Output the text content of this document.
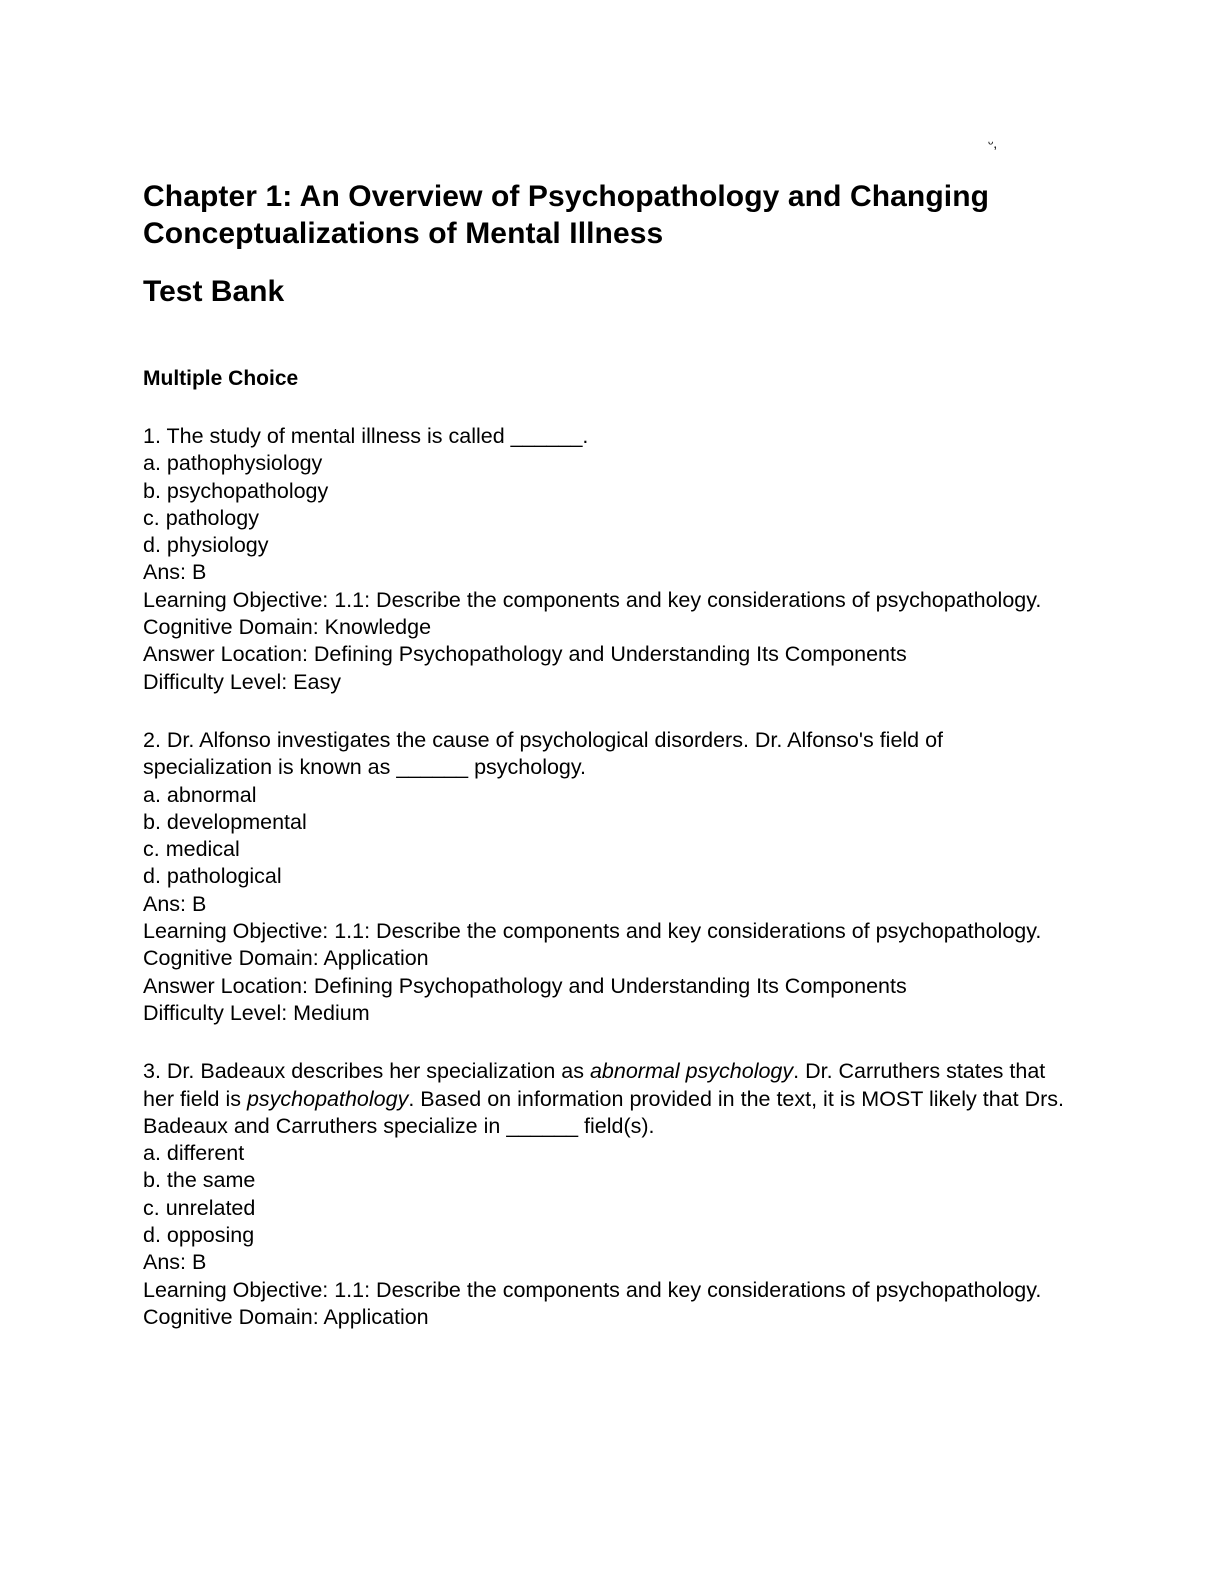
ᵕ,
Chapter 1: An Overview of Psychopathology and Changing Conceptualizations of Mental Illness
Test Bank
Multiple Choice
1. The study of mental illness is called ______.
a. pathophysiology
b. psychopathology
c. pathology
d. physiology
Ans: B
Learning Objective: 1.1: Describe the components and key considerations of psychopathology.
Cognitive Domain: Knowledge
Answer Location: Defining Psychopathology and Understanding Its Components
Difficulty Level: Easy
2. Dr. Alfonso investigates the cause of psychological disorders. Dr. Alfonso's field of specialization is known as ______ psychology.
a. abnormal
b. developmental
c. medical
d. pathological
Ans: B
Learning Objective: 1.1: Describe the components and key considerations of psychopathology.
Cognitive Domain: Application
Answer Location: Defining Psychopathology and Understanding Its Components
Difficulty Level: Medium
3. Dr. Badeaux describes her specialization as abnormal psychology. Dr. Carruthers states that her field is psychopathology. Based on information provided in the text, it is MOST likely that Drs. Badeaux and Carruthers specialize in ______ field(s).
a. different
b. the same
c. unrelated
d. opposing
Ans: B
Learning Objective: 1.1: Describe the components and key considerations of psychopathology.
Cognitive Domain: Application
